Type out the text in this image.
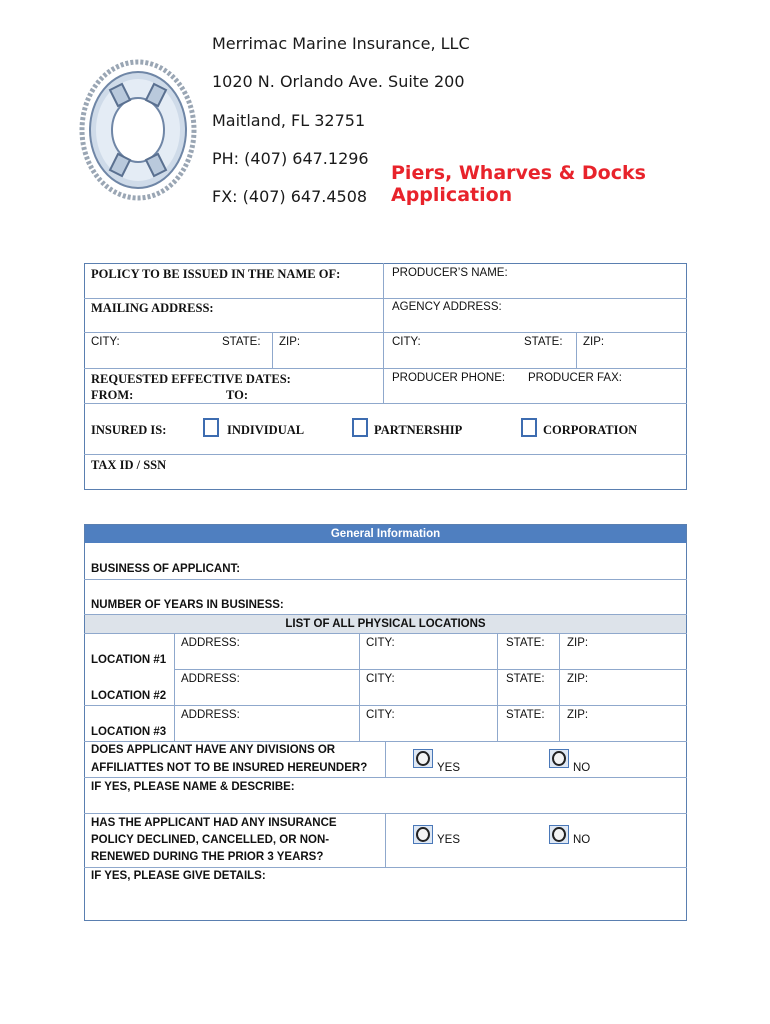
Merrimac Marine Insurance, LLC
1020 N. Orlando Ave. Suite 200
Maitland, FL 32751
PH: (407) 647.1296
FX: (407) 647.4508
Piers, Wharves & Docks Application
POLICY TO BE ISSUED IN THE NAME OF:	PRODUCER’S NAME:
MAILING ADDRESS:	AGENCY ADDRESS:
CITY:	STATE: ZIP:	CITY:	STATE: ZIP:
REQUESTED EFFECTIVE DATES:
FROM:	TO:
PRODUCER PHONE: PRODUCER FAX:
INSURED IS:	INDIVIDUAL	PARTNERSHIP	CORPORATION
TAX ID / SSN
General Information
BUSINESS OF APPLICANT:
NUMBER OF YEARS IN BUSINESS:
LIST OF ALL PHYSICAL LOCATIONS
ADDRESS:	CITY:	STATE: ZIP:
LOCATION #1
ADDRESS:	CITY:	STATE: ZIP:
LOCATION #2
ADDRESS:	CITY:	STATE: ZIP:
LOCATION #3
DOES APPLICANT HAVE ANY DIVISIONS OR
AFFILIATTES NOT TO BE INSURED HEREUNDER?	YES	NO
IF YES, PLEASE NAME & DESCRIBE:
HAS THE APPLICANT HAD ANY INSURANCE
POLICY DECLINED, CANCELLED, OR NON-
RENEWED DURING THE PRIOR 3 YEARS?
YES	NO
IF YES, PLEASE GIVE DETAILS:
